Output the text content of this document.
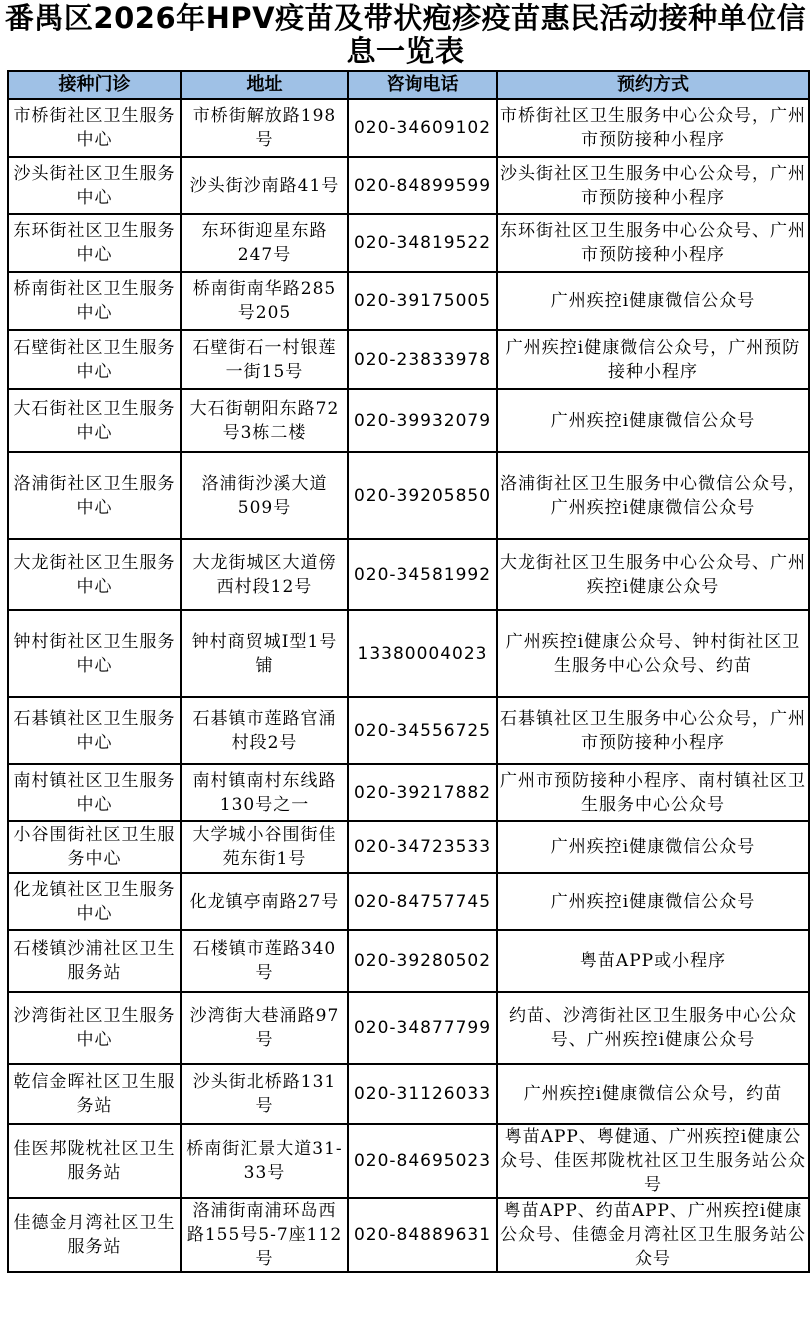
番禺区2026年HPV疫苗及带状疱疹疫苗惠民活动接种单位信息一览表
接种门诊	地址	咨询电话	预约方式
市桥街社区卫生服务中心	市桥街解放路198号	020-34609102	市桥街社区卫生服务中心公众号，广州市预防接种小程序
沙头街社区卫生服务中心	沙头街沙南路41号	020-84899599	沙头街社区卫生服务中心公众号，广州市预防接种小程序
东环街社区卫生服务中心	东环街迎星东路247号	020-34819522	东环街社区卫生服务中心公众号、广州市预防接种小程序
桥南街社区卫生服务中心	桥南街南华路285号205	020-39175005	广州疾控i健康微信公众号
石壁街社区卫生服务中心	石壁街石一村银莲一街15号	020-23833978	广州疾控i健康微信公众号，广州预防接种小程序
大石街社区卫生服务中心	大石街朝阳东路72号3栋二楼	020-39932079	广州疾控i健康微信公众号
洛浦街社区卫生服务中心	洛浦街沙溪大道509号	020-39205850	洛浦街社区卫生服务中心微信公众号，广州疾控i健康微信公众号
大龙街社区卫生服务中心	大龙街城区大道傍西村段12号	020-34581992	大龙街社区卫生服务中心公众号、广州疾控i健康公众号
钟村街社区卫生服务中心	钟村商贸城I型1号铺	13380004023	广州疾控i健康公众号、钟村街社区卫生服务中心公众号、约苗
石碁镇社区卫生服务中心	石碁镇市莲路官涌村段2号	020-34556725	石碁镇社区卫生服务中心公众号，广州市预防接种小程序
南村镇社区卫生服务中心	南村镇南村东线路130号之一	020-39217882	广州市预防接种小程序、南村镇社区卫生服务中心公众号
小谷围街社区卫生服务中心	大学城小谷围街佳苑东街1号	020-34723533	广州疾控i健康微信公众号
化龙镇社区卫生服务中心	化龙镇亭南路27号	020-84757745	广州疾控i健康微信公众号
石楼镇沙浦社区卫生服务站	石楼镇市莲路340号	020-39280502	粤苗APP或小程序
沙湾街社区卫生服务中心	沙湾街大巷涌路97号	020-34877799	约苗、沙湾街社区卫生服务中心公众号、广州疾控i健康公众号
乾信金晖社区卫生服务站	沙头街北桥路131号	020-31126033	广州疾控i健康微信公众号，约苗
佳医邦陇枕社区卫生服务站	桥南街汇景大道31-33号	020-84695023	粤苗APP、粤健通、广州疾控i健康公众号、佳医邦陇枕社区卫生服务站公众号
佳德金月湾社区卫生服务站	洛浦街南浦环岛西路155号5-7座112号	020-84889631	粤苗APP、约苗APP、广州疾控i健康公众号、佳德金月湾社区卫生服务站公众号
